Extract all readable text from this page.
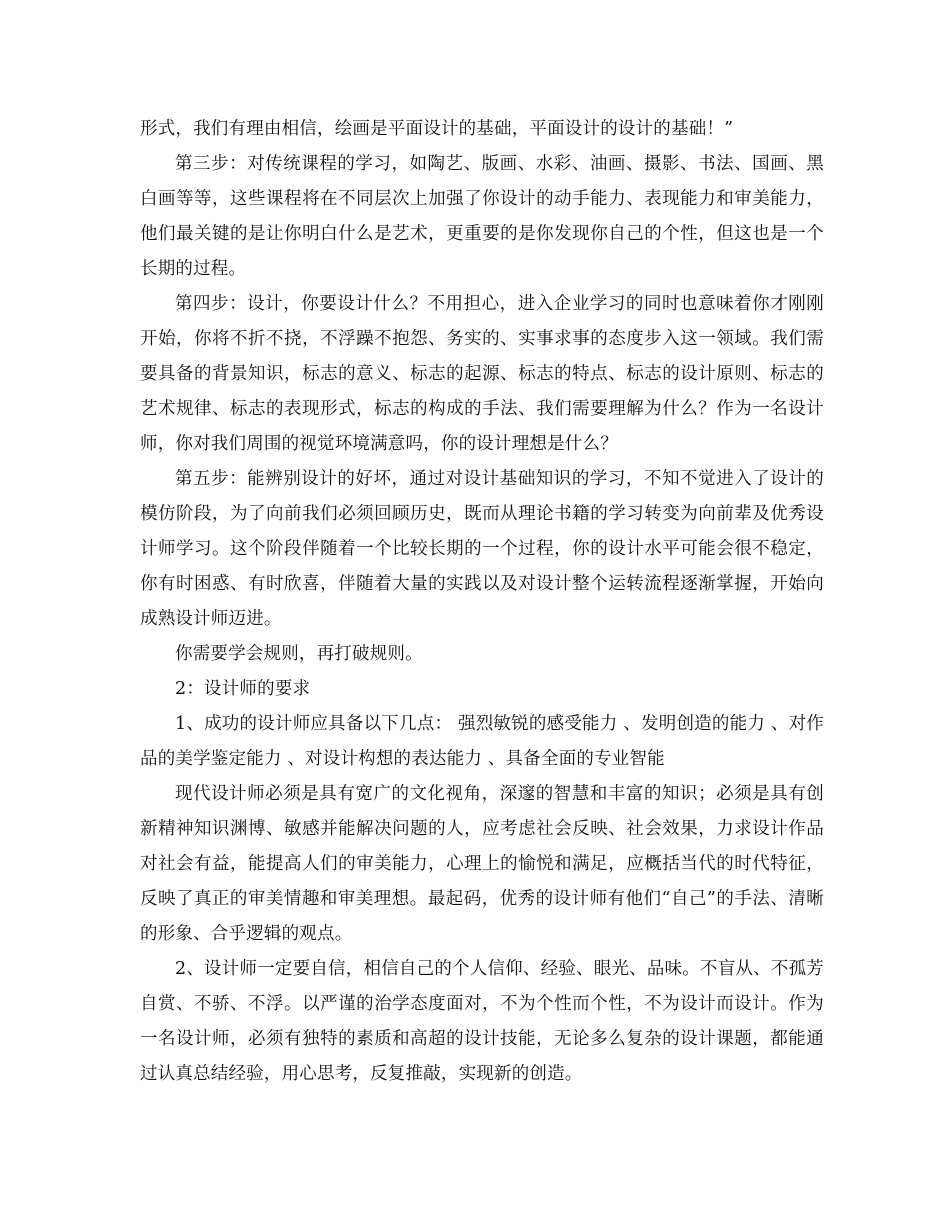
形式，我们有理由相信，绘画是平面设计的基础，平面设计的设计的基础！”

第三步：对传统课程的学习，如陶艺、版画、水彩、油画、摄影、书法、国画、黑白画等等，这些课程将在不同层次上加强了你设计的动手能力、表现能力和审美能力，他们最关键的是让你明白什么是艺术，更重要的是你发现你自己的个性，但这也是一个长期的过程。

第四步：设计，你要设计什么？不用担心，进入企业学习的同时也意味着你才刚刚开始，你将不折不挠，不浮躁不抱怨、务实的、实事求事的态度步入这一领域。我们需要具备的背景知识，标志的意义、标志的起源、标志的特点、标志的设计原则、标志的艺术规律、标志的表现形式，标志的构成的手法、我们需要理解为什么？作为一名设计师，你对我们周围的视觉环境满意吗，你的设计理想是什么？

第五步：能辨别设计的好坏，通过对设计基础知识的学习，不知不觉进入了设计的模仿阶段，为了向前我们必须回顾历史，既而从理论书籍的学习转变为向前辈及优秀设计师学习。这个阶段伴随着一个比较长期的一个过程，你的设计水平可能会很不稳定，你有时困惑、有时欣喜，伴随着大量的实践以及对设计整个运转流程逐渐掌握，开始向成熟设计师迈进。

你需要学会规则，再打破规则。

2：设计师的要求

1、成功的设计师应具备以下几点： 强烈敏锐的感受能力 、发明创造的能力 、对作品的美学鉴定能力 、对设计构想的表达能力 、具备全面的专业智能

现代设计师必须是具有宽广的文化视角，深邃的智慧和丰富的知识；必须是具有创新精神知识渊博、敏感并能解决问题的人，应考虑社会反映、社会效果，力求设计作品对社会有益，能提高人们的审美能力，心理上的愉悦和满足，应概括当代的时代特征，反映了真正的审美情趣和审美理想。最起码，优秀的设计师有他们“自己”的手法、清晰的形象、合乎逻辑的观点。

2、设计师一定要自信，相信自己的个人信仰、经验、眼光、品味。不盲从、不孤芳自赏、不骄、不浮。以严谨的治学态度面对，不为个性而个性，不为设计而设计。作为一名设计师，必须有独特的素质和高超的设计技能，无论多么复杂的设计课题，都能通过认真总结经验，用心思考，反复推敲，实现新的创造。
